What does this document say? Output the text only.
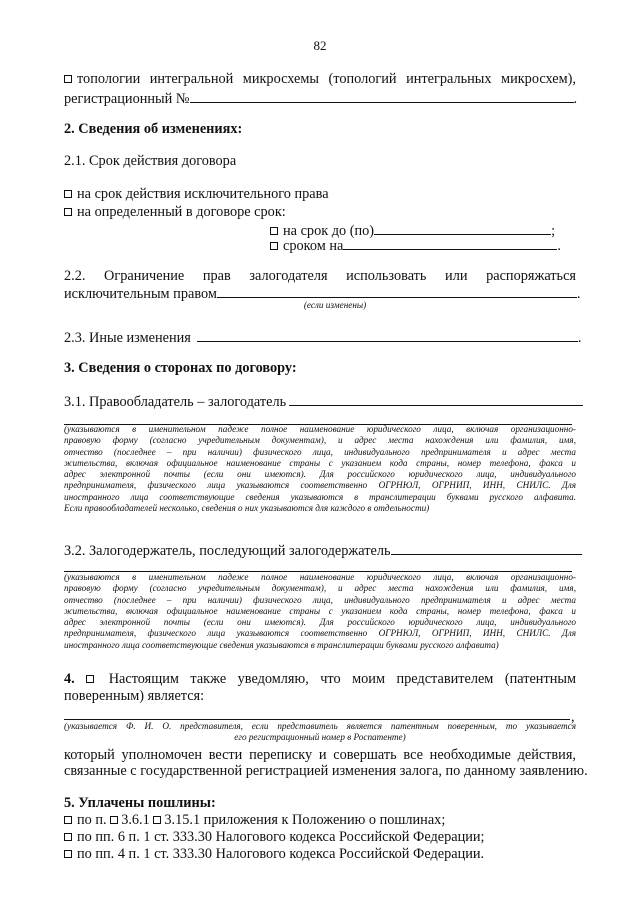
82
топологии интегральной микросхемы (топологий интегральных микросхем),
регистрационный №	.
2. Сведения об изменениях:
2.1. Срок действия договора
на срок действия исключительного права
на определенный в договоре срок:
на срок до (по)	;
сроком на	.
2.2. Ограничение прав залогодателя использовать или распоряжаться
исключительным правом	.
(если изменены)
2.3. Иные изменения	.
3. Сведения о сторонах по договору:
3.1. Правообладатель – залогодатель

(указываются в именительном падеже полное наименование юридического лица, включая организационно-

правовую форму (согласно учредительным документам), и адрес места нахождения или фамилия, имя,

отчество (последнее – при наличии) физического лица, индивидуального предпринимателя и адрес места

жительства, включая официальное наименование страны с указанием кода страны, номер телефона, факса и

адрес электронной почты (если они имеются). Для российского юридического лица, индивидуального

предпринимателя, физического лица указываются соответственно ОГРНЮЛ, ОГРНИП, ИНН, СНИЛС. Для

иностранного лица соответствующие сведения указываются в транслитерации буквами русского алфавита.

Если правообладателей несколько, сведения о них указываются для каждого в отдельности)

3.2. Залогодержатель, последующий залогодержатель

(указываются в именительном падеже полное наименование юридического лица, включая организационно-

правовую форму (согласно учредительным документам), и адрес места нахождения или фамилия, имя,

отчество (последнее – при наличии) физического лица, индивидуального предпринимателя и адрес места

жительства, включая официальное наименование страны с указанием кода страны, номер телефона, факса и

адрес электронной почты (если они имеются). Для российского юридического лица, индивидуального

предпринимателя, физического лица указываются соответственно ОГРНЮЛ, ОГРНИП, ИНН, СНИЛС. Для

иностранного лица соответствующие сведения указываются в транслитерации буквами русского алфавита)

4. Настоящим также уведомляю, что моим представителем (патентным
поверенным) является:
,

(указывается Ф. И. О. представителя, если представитель является патентным поверенным, то указывается

его регистрационный номер в Роспатенте)
который уполномочен вести переписку и совершать все необходимые действия,
связанные с государственной регистрацией изменения залога, по данному заявлению.
5. Уплачены пошлины:
по п. 3.6.1 3.15.1 приложения к Положению о пошлинах;
по пп. 6 п. 1 ст. 333.30 Налогового кодекса Российской Федерации;
по пп. 4 п. 1 ст. 333.30 Налогового кодекса Российской Федерации.
